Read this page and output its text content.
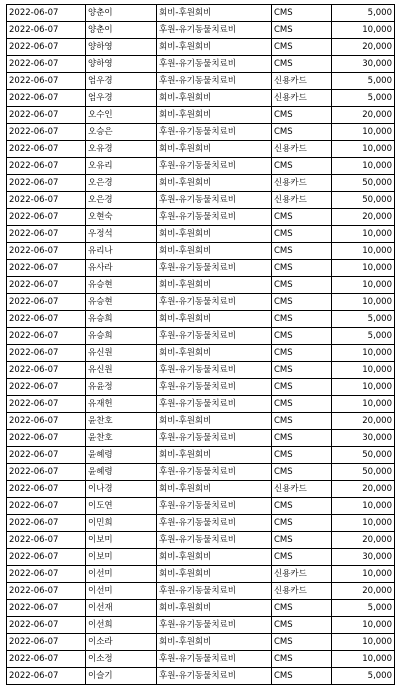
2022-06-07	양춘이	회비-후원회비	CMS	5,000
2022-06-07	양춘이	후원-유기동물치료비	CMS	10,000
2022-06-07	양하영	회비-후원회비	CMS	20,000
2022-06-07	양하영	후원-유기동물치료비	CMS	30,000
2022-06-07	엄우경	후원-유기동물치료비	신용카드	5,000
2022-06-07	엄우경	회비-후원회비	신용카드	5,000
2022-06-07	오수인	회비-후원회비	CMS	20,000
2022-06-07	오승은	후원-유기동물치료비	CMS	10,000
2022-06-07	오유경	회비-후원회비	신용카드	10,000
2022-06-07	오유리	후원-유기동물치료비	CMS	10,000
2022-06-07	오은경	회비-후원회비	신용카드	50,000
2022-06-07	오은경	후원-유기동물치료비	신용카드	50,000
2022-06-07	오현숙	후원-유기동물치료비	CMS	20,000
2022-06-07	우정석	회비-후원회비	CMS	10,000
2022-06-07	유리나	회비-후원회비	CMS	10,000
2022-06-07	유사라	후원-유기동물치료비	CMS	10,000
2022-06-07	유승현	회비-후원회비	CMS	10,000
2022-06-07	유승현	후원-유기동물치료비	CMS	10,000
2022-06-07	유승희	회비-후원회비	CMS	5,000
2022-06-07	유승희	후원-유기동물치료비	CMS	5,000
2022-06-07	유신원	회비-후원회비	CMS	10,000
2022-06-07	유신원	후원-유기동물치료비	CMS	10,000
2022-06-07	유윤정	후원-유기동물치료비	CMS	10,000
2022-06-07	유재헌	후원-유기동물치료비	CMS	10,000
2022-06-07	윤찬호	회비-후원회비	CMS	20,000
2022-06-07	윤찬호	후원-유기동물치료비	CMS	30,000
2022-06-07	윤혜령	회비-후원회비	CMS	50,000
2022-06-07	윤혜령	후원-유기동물치료비	CMS	50,000
2022-06-07	이나경	회비-후원회비	신용카드	20,000
2022-06-07	이도연	후원-유기동물치료비	CMS	10,000
2022-06-07	이민희	후원-유기동물치료비	CMS	10,000
2022-06-07	이보미	후원-유기동물치료비	CMS	20,000
2022-06-07	이보미	회비-후원회비	CMS	30,000
2022-06-07	이선미	회비-후원회비	신용카드	10,000
2022-06-07	이선미	후원-유기동물치료비	신용카드	20,000
2022-06-07	이선재	회비-후원회비	CMS	5,000
2022-06-07	이선희	후원-유기동물치료비	CMS	10,000
2022-06-07	이소라	회비-후원회비	CMS	10,000
2022-06-07	이소정	후원-유기동물치료비	CMS	10,000
2022-06-07	이슬기	후원-유기동물치료비	CMS	5,000
